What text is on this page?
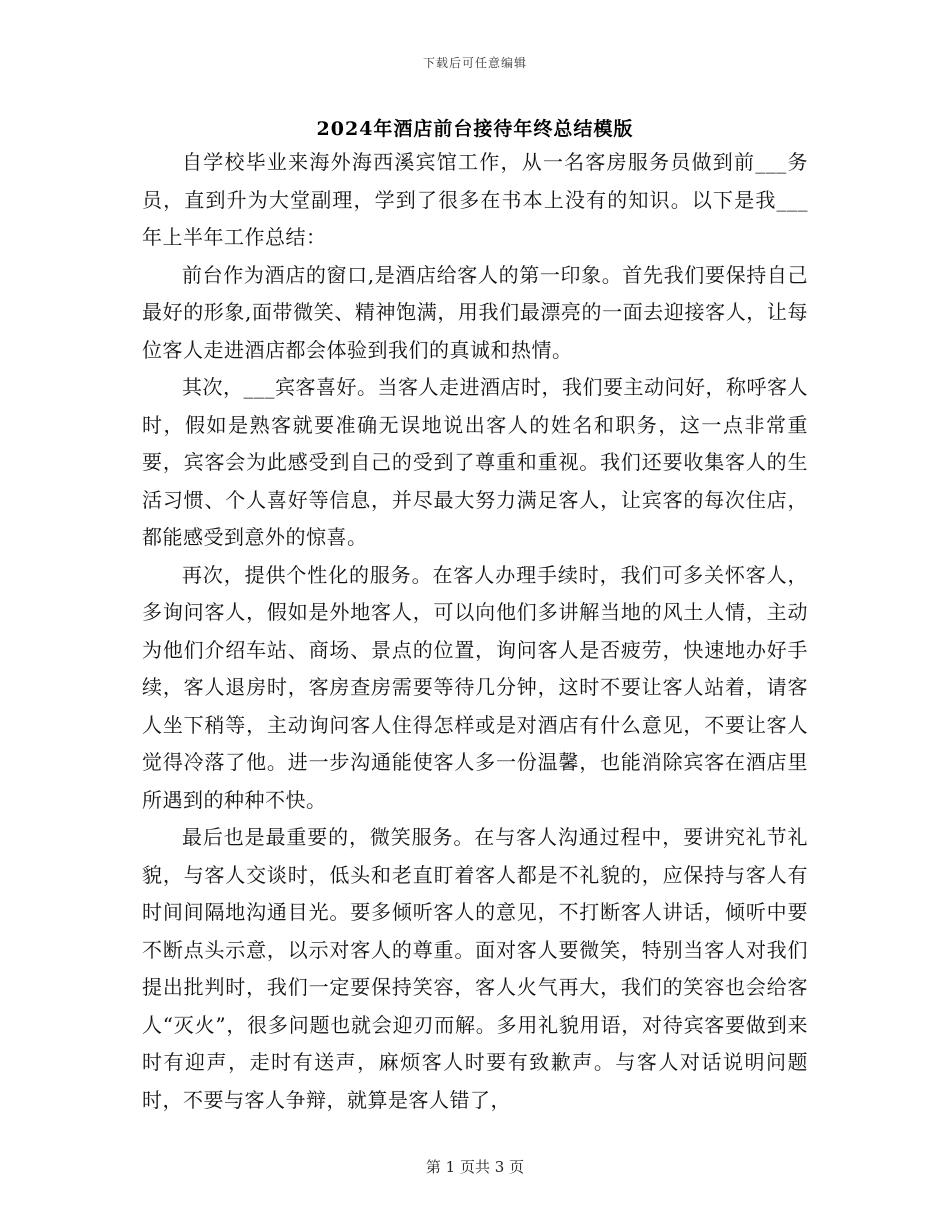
下载后可任意编辑
2024年酒店前台接待年终总结模版

自学校毕业来海外海西溪宾馆工作，从一名客房服务员做到前___务员，直到升为大堂副理，学到了很多在书本上没有的知识。以下是我___年上半年工作总结：

前台作为酒店的窗口,是酒店给客人的第一印象。首先我们要保持自己最好的形象,面带微笑、精神饱满，用我们最漂亮的一面去迎接客人，让每位客人走进酒店都会体验到我们的真诚和热情。

其次，___宾客喜好。当客人走进酒店时，我们要主动问好，称呼客人时，假如是熟客就要准确无误地说出客人的姓名和职务，这一点非常重要，宾客会为此感受到自己的受到了尊重和重视。我们还要收集客人的生活习惯、个人喜好等信息，并尽最大努力满足客人，让宾客的每次住店，都能感受到意外的惊喜。

再次，提供个性化的服务。在客人办理手续时，我们可多关怀客人，多询问客人，假如是外地客人，可以向他们多讲解当地的风土人情，主动为他们介绍车站、商场、景点的位置，询问客人是否疲劳，快速地办好手续，客人退房时，客房查房需要等待几分钟，这时不要让客人站着，请客人坐下稍等，主动询问客人住得怎样或是对酒店有什么意见，不要让客人觉得冷落了他。进一步沟通能使客人多一份温馨，也能消除宾客在酒店里所遇到的种种不快。

最后也是最重要的，微笑服务。在与客人沟通过程中，要讲究礼节礼貌，与客人交谈时，低头和老直盯着客人都是不礼貌的，应保持与客人有时间间隔地沟通目光。要多倾听客人的意见，不打断客人讲话，倾听中要不断点头示意，以示对客人的尊重。面对客人要微笑，特别当客人对我们提出批判时，我们一定要保持笑容，客人火气再大，我们的笑容也会给客人“灭火”，很多问题也就会迎刃而解。多用礼貌用语，对待宾客要做到来时有迎声，走时有送声，麻烦客人时要有致歉声。与客人对话说明问题时，不要与客人争辩，就算是客人错了，

第 1 页共 3 页
